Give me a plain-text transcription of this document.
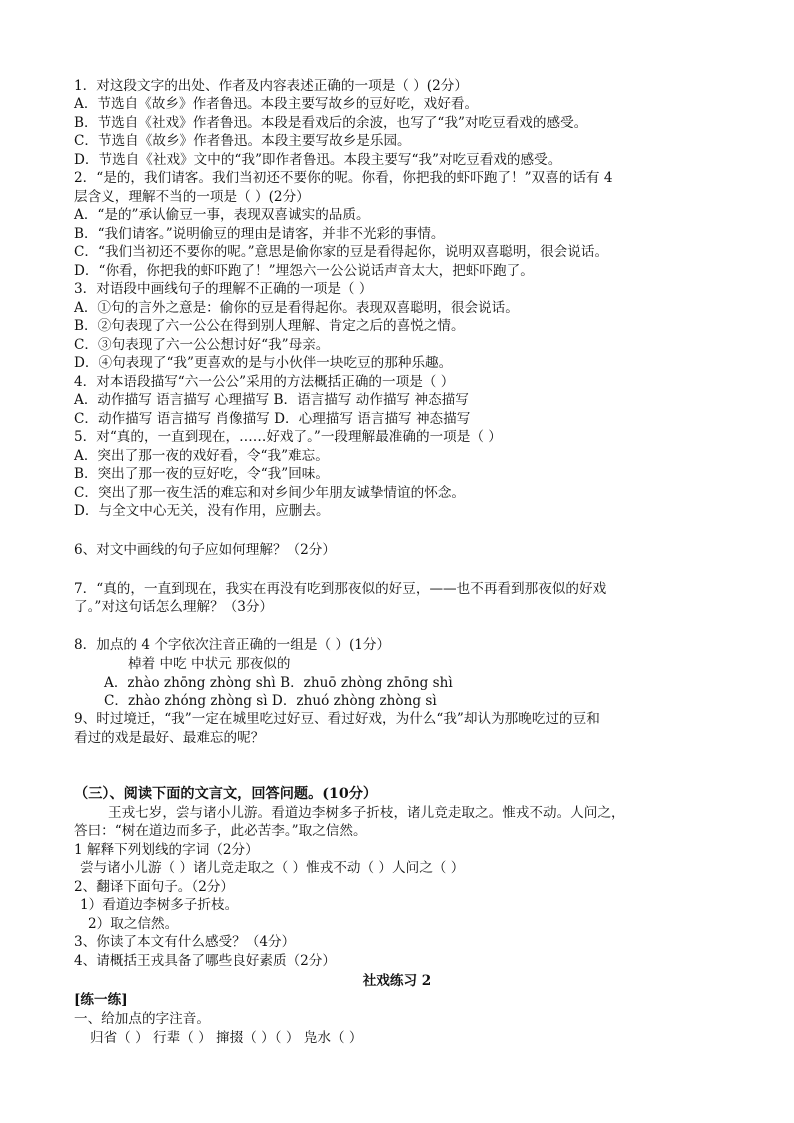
1．对这段文字的出处、作者及内容表述正确的一项是（ ）(2分）
A．节选自《故乡》作者鲁迅。本段主要写故乡的豆好吃，戏好看。
B．节选自《社戏》作者鲁迅。本段是看戏后的余波，也写了“我”对吃豆看戏的感受。
C．节选自《故乡》作者鲁迅。本段主要写故乡是乐园。
D．节选自《社戏》文中的“我”即作者鲁迅。本段主要写“我”对吃豆看戏的感受。
2．“是的，我们请客。我们当初还不要你的呢。你看，你把我的虾吓跑了！”双喜的话有 4
层含义，理解不当的一项是（ ）(2分）
A．“是的”承认偷豆一事，表现双喜诚实的品质。
B．“我们请客。”说明偷豆的理由是请客，并非不光彩的事情。
C．“我们当初还不要你的呢。”意思是偷你家的豆是看得起你，说明双喜聪明，很会说话。
D．“你看，你把我的虾吓跑了！”埋怨六一公公说话声音太大，把虾吓跑了。
3．对语段中画线句子的理解不正确的一项是（ ）
A．①句的言外之意是：偷你的豆是看得起你。表现双喜聪明，很会说话。
B．②句表现了六一公公在得到别人理解、肯定之后的喜悦之情。
C．③句表现了六一公公想讨好“我”母亲。
D．④句表现了“我”更喜欢的是与小伙伴一块吃豆的那种乐趣。
4．对本语段描写“六一公公”采用的方法概括正确的一项是（ ）
A．动作描写 语言描写 心理描写 B．语言描写 动作描写 神态描写
C．动作描写 语言描写 肖像描写 D．心理描写 语言描写 神态描写
5．对“真的，一直到现在，……好戏了。”一段理解最准确的一项是（ ）
A．突出了那一夜的戏好看，令“我”难忘。
B．突出了那一夜的豆好吃，令“我”回味。
C．突出了那一夜生活的难忘和对乡间少年朋友诚挚情谊的怀念。
D．与全文中心无关，没有作用，应删去。
6、对文中画线的句子应如何理解？（2分）
7．“真的，一直到现在，我实在再没有吃到那夜似的好豆，——也不再看到那夜似的好戏
了。”对这句话怎么理解？（3分）
8．加点的 4 个字依次注音正确的一组是（ ）(1分）
棹着 中吃 中状元 那夜似的
A．zhào zhōng zhòng shì B．zhuō zhòng zhōng shì
C．zhào zhóng zhòng sì D．zhuó zhòng zhòng sì
9、时过境迁，“我”一定在城里吃过好豆、看过好戏，为什么“我”却认为那晚吃过的豆和
看过的戏是最好、最难忘的呢？
（三）、阅读下面的文言文，回答问题。(10分）
王戎七岁，尝与诸小儿游。看道边李树多子折枝，诸儿竞走取之。惟戎不动。人问之，
答曰：“树在道边而多子，此必苦李。”取之信然。
1 解释下列划线的字词（2分）
尝与诸小儿游（ ）诸儿竞走取之（ ）惟戎不动（ ）人问之（ ）
2、翻译下面句子。（2分）
1）看道边李树多子折枝。
2）取之信然。
3、你读了本文有什么感受？（4分）
4、请概括王戎具备了哪些良好素质（2分）
社戏练习 2
[练一练]
一、给加点的字注音。
归省（ ） 行辈（ ） 撺掇（ ）（ ） 凫水（ ）
